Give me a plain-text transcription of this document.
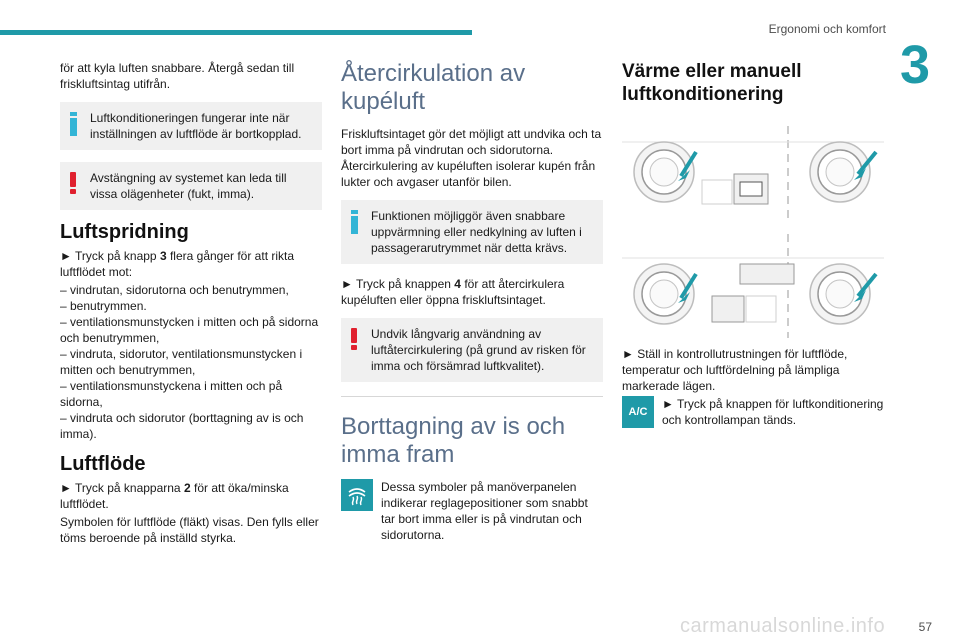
Ergonomi och komfort
3
för att kyla luften snabbare. Återgå sedan till friskluftsintag utifrån.
Luftkonditioneringen fungerar inte när inställningen av luftflöde är bortkopplad.
Avstängning av systemet kan leda till vissa olägenheter (fukt, imma).
Luftspridning
► Tryck på knapp 3 flera gånger för att rikta luftflödet mot:
– vindrutan, sidorutorna och benutrymmen,
– benutrymmen.
– ventilationsmunstycken i mitten och på sidorna och benutrymmen,
– vindruta, sidorutor, ventilationsmunstycken i mitten och benutrymmen,
– ventilationsmunstyckena i mitten och på sidorna,
– vindruta och sidorutor (borttagning av is och imma).
Luftflöde
► Tryck på knapparna 2 för att öka/minska luftflödet.
Symbolen för luftflöde (fläkt) visas. Den fylls eller töms beroende på inställd styrka.
Återcirkulation av kupéluft
Friskluftsintaget gör det möjligt att undvika och ta bort imma på vindrutan och sidorutorna. Återcirkulering av kupéluften isolerar kupén från lukter och avgaser utanför bilen.
Funktionen möjliggör även snabbare uppvärmning eller nedkylning av luften i passagerarutrymmet när detta krävs.
► Tryck på knappen 4 för att återcirkulera kupéluften eller öppna friskluftsintaget.
Undvik långvarig användning av luftåtercirkulering (på grund av risken för imma och försämrad luftkvalitet).
Borttagning av is och imma fram
Dessa symboler på manöverpanelen indikerar reglagepositioner som snabbt tar bort imma eller is på vindrutan och sidorutorna.
Värme eller manuell luftkonditionering
► Ställ in kontrollutrustningen för luftflöde, temperatur och luftfördelning på lämpliga markerade lägen.
A/C
► Tryck på knappen för luftkonditionering och kontrollampan tänds.
57
carmanualsonline.info
